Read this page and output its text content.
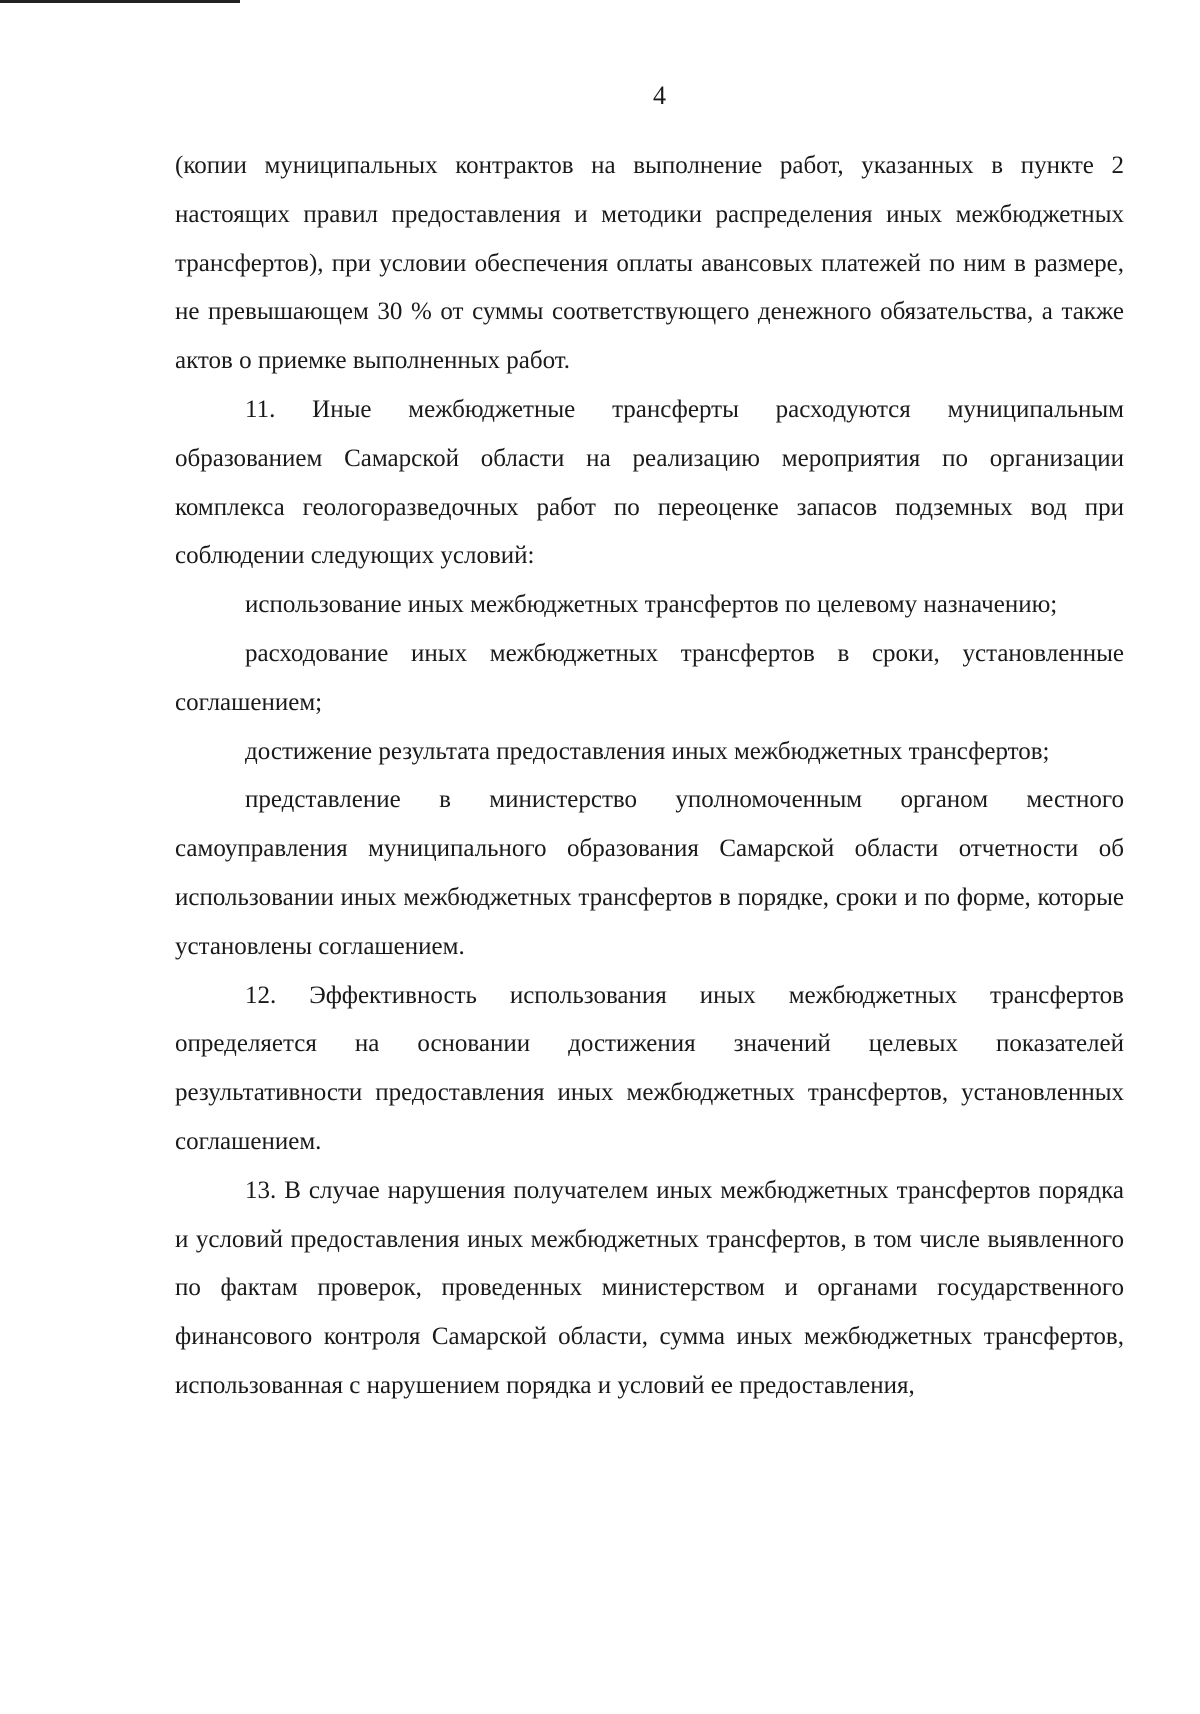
4

(копии муниципальных контрактов на выполнение работ, указанных в пункте 2 настоящих правил предоставления и методики распределения иных межбюджетных трансфертов), при условии обеспечения оплаты авансовых платежей по ним в размере, не превышающем 30 % от суммы соответствующего денежного обязательства, а также актов о приемке выполненных работ.

11. Иные межбюджетные трансферты расходуются муниципальным образованием Самарской области на реализацию мероприятия по организации комплекса геологоразведочных работ по переоценке запасов подземных вод при соблюдении следующих условий:

использование иных межбюджетных трансфертов по целевому назначению;

расходование иных межбюджетных трансфертов в сроки, установленные соглашением;

достижение результата предоставления иных межбюджетных трансфертов;

представление в министерство уполномоченным органом местного самоуправления муниципального образования Самарской области отчетности об использовании иных межбюджетных трансфертов в порядке, сроки и по форме, которые установлены соглашением.

12. Эффективность использования иных межбюджетных трансфертов определяется на основании достижения значений целевых показателей результативности предоставления иных межбюджетных трансфертов, установленных соглашением.

13. В случае нарушения получателем иных межбюджетных трансфертов порядка и условий предоставления иных межбюджетных трансфертов, в том числе выявленного по фактам проверок, проведенных министерством и органами государственного финансового контроля Самарской области, сумма иных межбюджетных трансфертов, использованная с нарушением порядка и условий ее предоставления,
